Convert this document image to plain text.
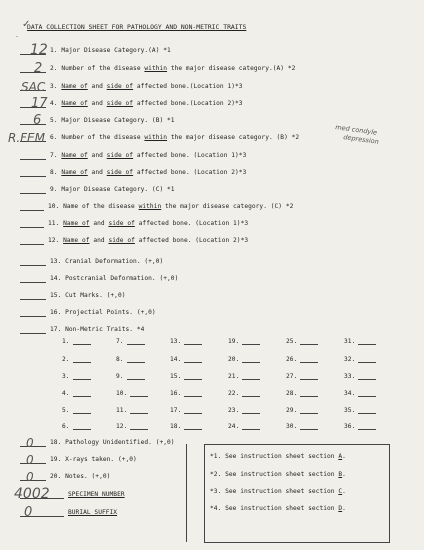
✓
DATA COLLECTION SHEET FOR PATHOLOGY AND NON-METRIC TRAITS
-
med condyle
depression
12 1. Major Disease Category.(A) *1
2 2. Number of the disease within the major disease category.(A) *2
SAC 3. Name of and side of affected bone.(Location 1)*3
17 4. Name of and side of affected bone.(Location 2)*3
6 5. Major Disease Category. (B) *1
R.FEM 6. Number of the disease within the major disease category. (B) *2
7. Name of and side of affected bone. (Location 1)*3
8. Name of and side of affected bone. (Location 2)*3
9. Major Disease Category. (C) *1
10. Name of the disease within the major disease category. (C) *2
11. Name of and side of affected bone. (Location 1)*3
12. Name of and side of affected bone. (Location 2)*3
13. Cranial Deformation. (+,0)
14. Postcranial Deformation. (+,0)
15. Cut Marks. (+,0)
16. Projectial Points. (+,0)
17. Non-Metric Traits. *4
0	18. Pathology Unidentified. (+,0)
0	19. X-rays taken. (+,0)
0	20. Notes. (+,0)
4002	SPECIMEN NUMBER
0	BURIAL SUFFIX
1.	7.	13.	19.	25.	31.
2.	8.	14.	20.	26.	32.
3.	9.	15.	21.	27.	33.
4.	10.	16.	22.	28.	34.
5.	11.	17.	23.	29.	35.
6.	12.	18.	24.	30.	36.
*1. See instruction sheet section A.
*2. See instruction sheet section B.
*3. See instruction sheet section C.
*4. See instruction sheet section D.
